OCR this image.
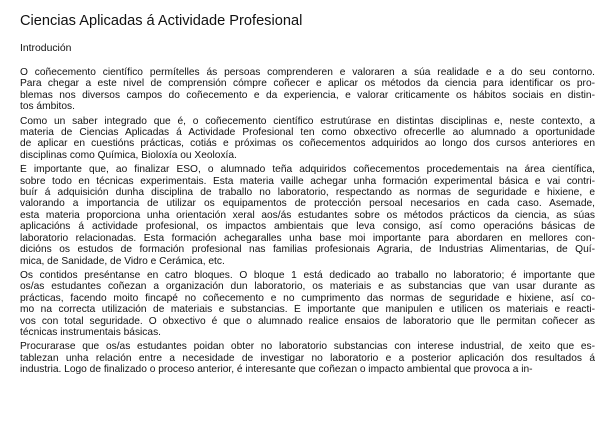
Ciencias Aplicadas á Actividade Profesional
Introdución

O coñecemento científico permítelles ás persoas comprenderen e valoraren a súa realidade e a do seu contorno.
Para chegar a este nivel de comprensión cómpre coñecer e aplicar os métodos da ciencia para identificar os pro-
blemas nos diversos campos do coñecemento e da experiencia, e valorar criticamente os hábitos sociais en distin-
tos ámbitos.

Como un saber integrado que é, o coñecemento científico estrutúrase en distintas disciplinas e, neste contexto, a
materia de Ciencias Aplicadas á Actividade Profesional ten como obxectivo ofrecerlle ao alumnado a oportunidade
de aplicar en cuestións prácticas, cotiás e próximas os coñecementos adquiridos ao longo dos cursos anteriores en
disciplinas como Química, Bioloxía ou Xeoloxía.

É importante que, ao finalizar ESO, o alumnado teña adquiridos coñecementos procedementais na área científica,
sobre todo en técnicas experimentais. Esta materia vaille achegar unha formación experimental básica e vai contri-
buír á adquisición dunha disciplina de traballo no laboratorio, respectando as normas de seguridade e hixiene, e
valorando a importancia de utilizar os equipamentos de protección persoal necesarios en cada caso. Asemade,
esta materia proporciona unha orientación xeral aos/ás estudantes sobre os métodos prácticos da ciencia, as súas
aplicacións á actividade profesional, os impactos ambientais que leva consigo, así como operacións básicas de
laboratorio relacionadas. Esta formación achegaralles unha base moi importante para abordaren en mellores con-
dicións os estudos de formación profesional nas familias profesionais Agraria, de Industrias Alimentarias, de Quí-
mica, de Sanidade, de Vidro e Cerámica, etc.

Os contidos preséntanse en catro bloques. O bloque 1 está dedicado ao traballo no laboratorio; é importante que
os/as estudantes coñezan a organización dun laboratorio, os materiais e as substancias que van usar durante as
prácticas, facendo moito fincapé no coñecemento e no cumprimento das normas de seguridade e hixiene, así co-
mo na correcta utilización de materiais e substancias. É importante que manipulen e utilicen os materiais e reacti-
vos con total seguridade. O obxectivo é que o alumnado realice ensaios de laboratorio que lle permitan coñecer as
técnicas instrumentais básicas.

Procurarase que os/as estudantes poidan obter no laboratorio substancias con interese industrial, de xeito que es-
tablezan unha relación entre a necesidade de investigar no laboratorio e a posterior aplicación dos resultados á
industria. Logo de finalizado o proceso anterior, é interesante que coñezan o impacto ambiental que provoca a in-
